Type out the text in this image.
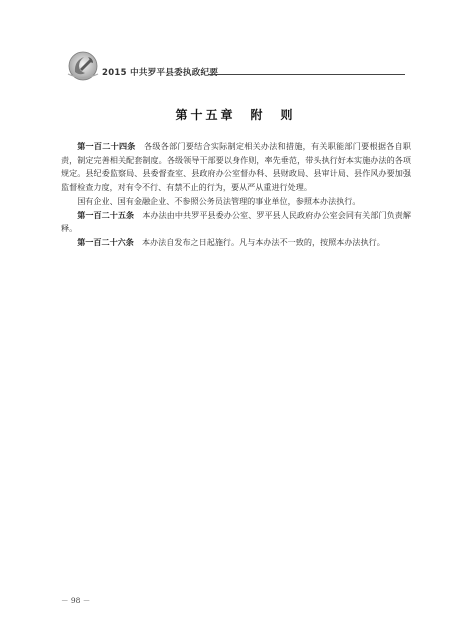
2015 中共罗平县委执政纪要
第十五章　附　则

第一百二十四条　 各级各部门要结合实际制定相关办法和措施，有关职能部门要根据各自职责，制定完善相关配套制度。各级领导干部要以身作则，率先垂范，带头执行好本实施办法的各项规定。县纪委监察局、县委督查室、县政府办公室督办科、县财政局、县审计局、县作风办要加强监督检查力度，对有令不行、有禁不止的行为，要从严从重进行处理。

国有企业、国有金融企业、不参照公务员法管理的事业单位，参照本办法执行。

第一百二十五条　 本办法由中共罗平县委办公室、罗平县人民政府办公室会同有关部门负责解释。

第一百二十六条　 本办法自发布之日起施行。凡与本办法不一致的，按照本办法执行。

－ 98 －
